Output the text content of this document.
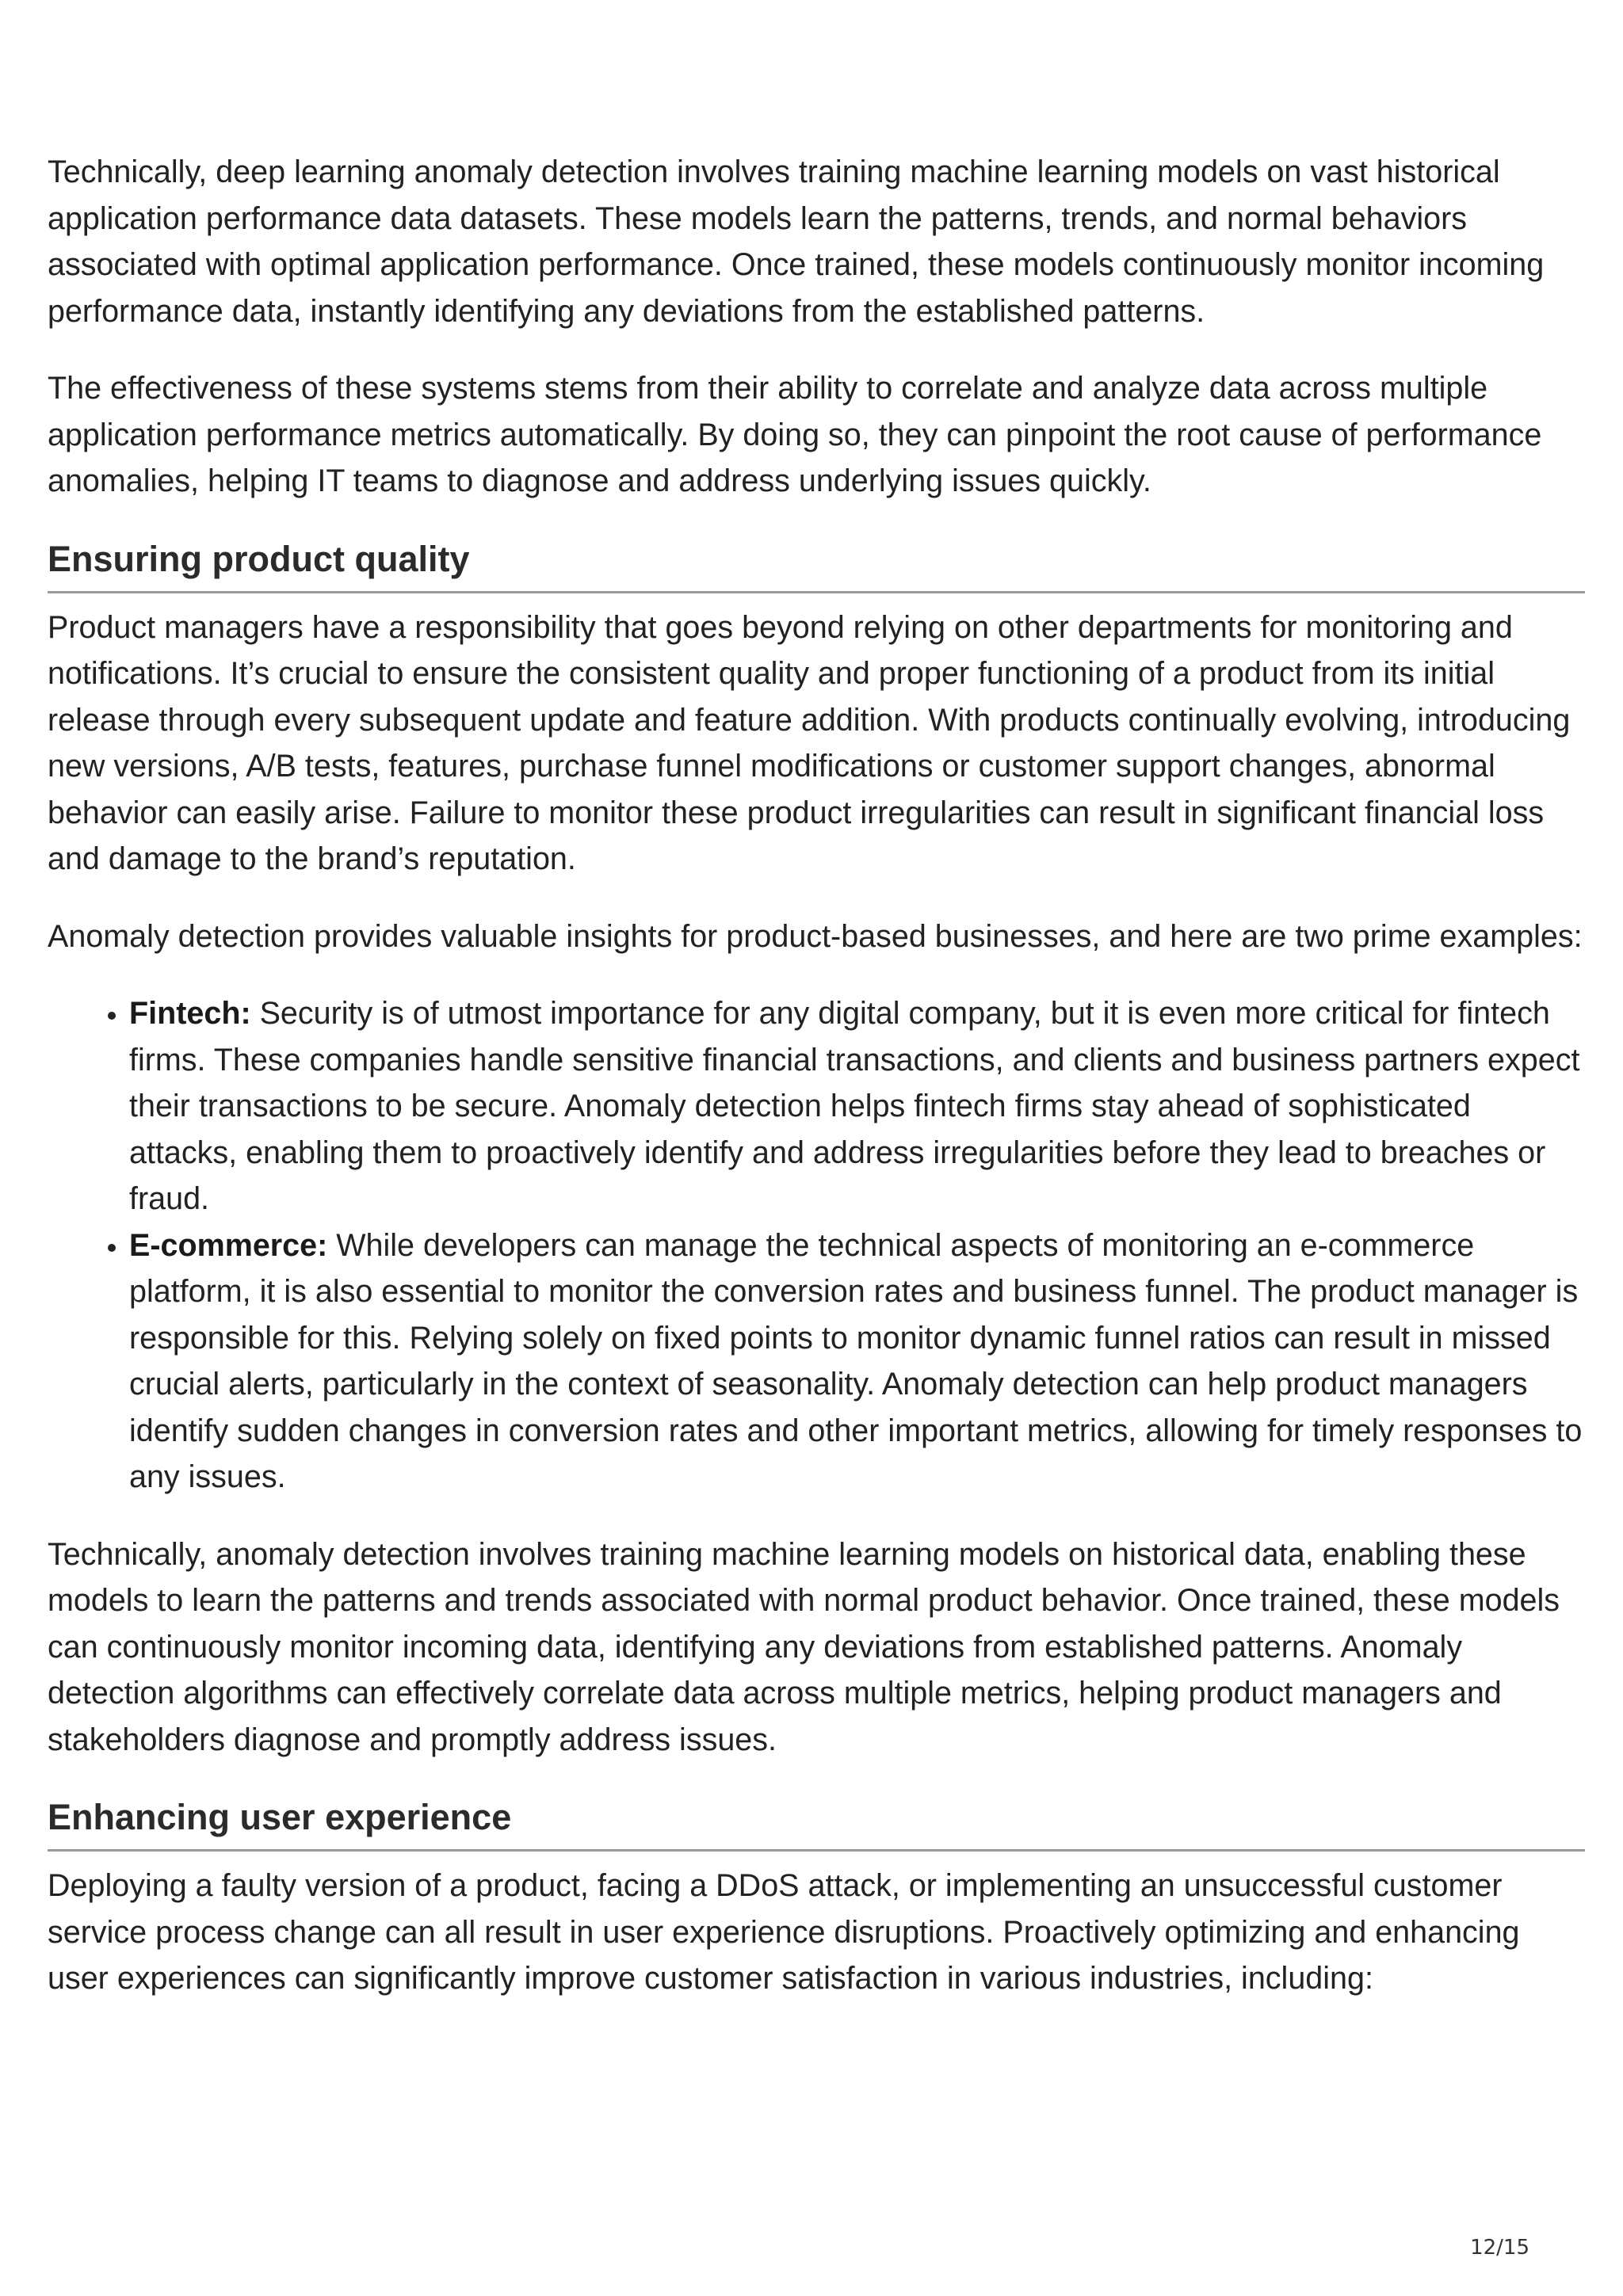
Technically, deep learning anomaly detection involves training machine learning models on vast historical application performance data datasets. These models learn the patterns, trends, and normal behaviors associated with optimal application performance. Once trained, these models continuously monitor incoming performance data, instantly identifying any deviations from the established patterns.

The effectiveness of these systems stems from their ability to correlate and analyze data across multiple application performance metrics automatically. By doing so, they can pinpoint the root cause of performance anomalies, helping IT teams to diagnose and address underlying issues quickly.

Ensuring product quality

Product managers have a responsibility that goes beyond relying on other departments for monitoring and notifications. It’s crucial to ensure the consistent quality and proper functioning of a product from its initial release through every subsequent update and feature addition. With products continually evolving, introducing new versions, A/B tests, features, purchase funnel modifications or customer support changes, abnormal behavior can easily arise. Failure to monitor these product irregularities can result in significant financial loss and damage to the brand’s reputation.

Anomaly detection provides valuable insights for product-based businesses, and here are two prime examples:

• Fintech: Security is of utmost importance for any digital company, but it is even more critical for fintech firms. These companies handle sensitive financial transactions, and clients and business partners expect their transactions to be secure. Anomaly detection helps fintech firms stay ahead of sophisticated attacks, enabling them to proactively identify and address irregularities before they lead to breaches or fraud.
• E-commerce: While developers can manage the technical aspects of monitoring an e-commerce platform, it is also essential to monitor the conversion rates and business funnel. The product manager is responsible for this. Relying solely on fixed points to monitor dynamic funnel ratios can result in missed crucial alerts, particularly in the context of seasonality. Anomaly detection can help product managers identify sudden changes in conversion rates and other important metrics, allowing for timely responses to any issues.

Technically, anomaly detection involves training machine learning models on historical data, enabling these models to learn the patterns and trends associated with normal product behavior. Once trained, these models can continuously monitor incoming data, identifying any deviations from established patterns. Anomaly detection algorithms can effectively correlate data across multiple metrics, helping product managers and stakeholders diagnose and promptly address issues.

Enhancing user experience

Deploying a faulty version of a product, facing a DDoS attack, or implementing an unsuccessful customer service process change can all result in user experience disruptions. Proactively optimizing and enhancing user experiences can significantly improve customer satisfaction in various industries, including:

12/15
